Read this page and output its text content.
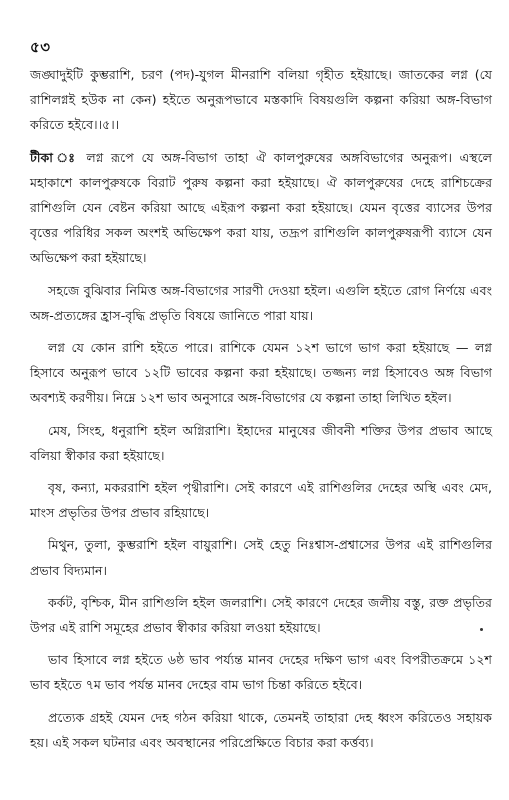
৫৩

জঙ্ঘাদুইটি কুম্ভরাশি, চরণ (পদ)-যুগল মীনরাশি বলিয়া গৃহীত হইয়াছে। জাতকের লগ্ন (যে রাশিলগ্নই হউক না কেন) হইতে অনুরূপভাবে মস্তকাদি বিষয়গুলি কল্পনা করিয়া অঙ্গ-বিভাগ করিতে হইবে।।৫।।

টীকা ঃ লগ্ন রূপে যে অঙ্গ-বিভাগ তাহা ঐ কালপুরুষের অঙ্গবিভাগের অনুরূপ। এস্থলে মহাকাশে কালপুরুষকে বিরাট পুরুষ কল্পনা করা হইয়াছে। ঐ কালপুরুষের দেহে রাশিচক্রের রাশিগুলি যেন বেষ্টন করিয়া আছে এইরূপ কল্পনা করা হইয়াছে। যেমন বৃত্তের ব্যাসের উপর বৃত্তের পরিধির সকল অংশই অভিক্ষেপ করা যায়, তদ্রূপ রাশিগুলি কালপুরুষরূপী ব্যাসে যেন অভিক্ষেপ করা হইয়াছে।

সহজে বুঝিবার নিমিত্ত অঙ্গ-বিভাগের সারণী দেওয়া হইল। এগুলি হইতে রোগ নির্ণয়ে এবং অঙ্গ-প্রত্যঙ্গের হ্রাস-বৃদ্ধি প্রভৃতি বিষয়ে জানিতে পারা যায়।

লগ্ন যে কোন রাশি হইতে পারে। রাশিকে যেমন ১২শ ভাগে ভাগ করা হইয়াছে — লগ্ন হিসাবে অনুরূপ ভাবে ১২টি ভাবের কল্পনা করা হইয়াছে। তজ্জন্য লগ্ন হিসাবেও অঙ্গ বিভাগ অবশ্যই করণীয়। নিম্নে ১২শ ভাব অনুসারে অঙ্গ-বিভাগের যে কল্পনা তাহা লিখিত হইল।

মেষ, সিংহ, ধনুরাশি হইল অগ্নিরাশি। ইহাদের মানুষের জীবনী শক্তির উপর প্রভাব আছে বলিয়া স্বীকার করা হইয়াছে।

বৃষ, কন্যা, মকররাশি হইল পৃথ্বীরাশি। সেই কারণে এই রাশিগুলির দেহের অস্থি এবং মেদ, মাংস প্রভৃতির উপর প্রভাব রহিয়াছে।

মিথুন, তুলা, কুম্ভরাশি হইল বায়ুরাশি। সেই হেতু নিঃশ্বাস-প্রশ্বাসের উপর এই রাশিগুলির প্রভাব বিদ্যমান।

কর্কট, বৃশ্চিক, মীন রাশিগুলি হইল জলরাশি। সেই কারণে দেহের জলীয় বস্তু, রক্ত প্রভৃতির উপর এই রাশি সমূহের প্রভাব স্বীকার করিয়া লওয়া হইয়াছে।

ভাব হিসাবে লগ্ন হইতে ৬ষ্ঠ ভাব পর্য্যন্ত মানব দেহের দক্ষিণ ভাগ এবং বিপরীতক্রমে ১২শ ভাব হইতে ৭ম ভাব পর্যন্ত মানব দেহের বাম ভাগ চিন্তা করিতে হইবে।

প্রত্যেক গ্রহই যেমন দেহ গঠন করিয়া থাকে, তেমনই তাহারা দেহ ধ্বংস করিতেও সহায়ক হয়। এই সকল ঘটনার এবং অবস্থানের পরিপ্রেক্ষিতে বিচার করা কর্ত্তব্য।
